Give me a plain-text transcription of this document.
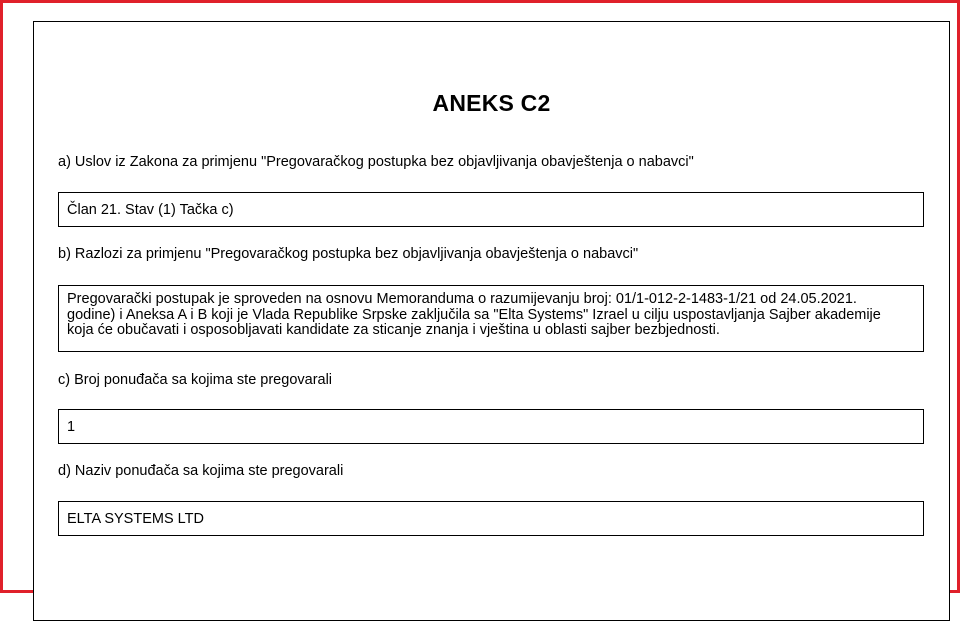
ANEKS C2
a) Uslov iz Zakona za primjenu "Pregovaračkog postupka bez objavljivanja obavještenja o nabavci"
Član 21. Stav (1) Tačka c)
b) Razlozi za primjenu "Pregovaračkog postupka bez objavljivanja obavještenja o nabavci"
Pregovarački postupak je sproveden na osnovu Memoranduma o razumijevanju broj: 01/1-012-2-1483-1/21 od 24.05.2021.
godine) i Aneksa A i B koji je Vlada Republike Srpske zaključila sa "Elta Systems" Izrael u cilju uspostavljanja Sajber akademije
koja će obučavati i osposobljavati kandidate za sticanje znanja i vještina u oblasti sajber bezbjednosti.
c) Broj ponuđača sa kojima ste pregovarali
1
d) Naziv ponuđača sa kojima ste pregovarali
ELTA SYSTEMS LTD
